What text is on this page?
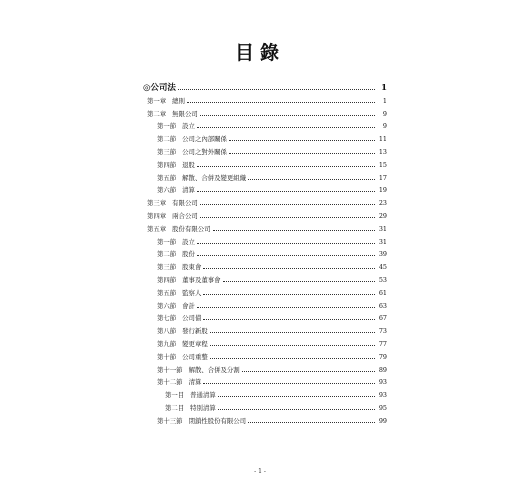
目錄
◎公司法	1
第一章 總則	1
第二章 無限公司	9
第一節 設立	9
第二節 公司之內部關係	11
第三節 公司之對外關係	13
第四節 退股	15
第五節 解散、合併及變更組織	17
第六節 清算	19
第三章 有限公司	23
第四章 兩合公司	29
第五章 股份有限公司	31
第一節 設立	31
第二節 股份	39
第三節 股東會	45
第四節 董事及董事會	53
第五節 監察人	61
第六節 會計	63
第七節 公司債	67
第八節 發行新股	73
第九節 變更章程	77
第十節 公司重整	79
第十一節 解散、合併及分割	89
第十二節 清算	93
第一目 普通清算	93
第二目 特別清算	95
第十三節 閉鎖性股份有限公司	99
- 1 -
